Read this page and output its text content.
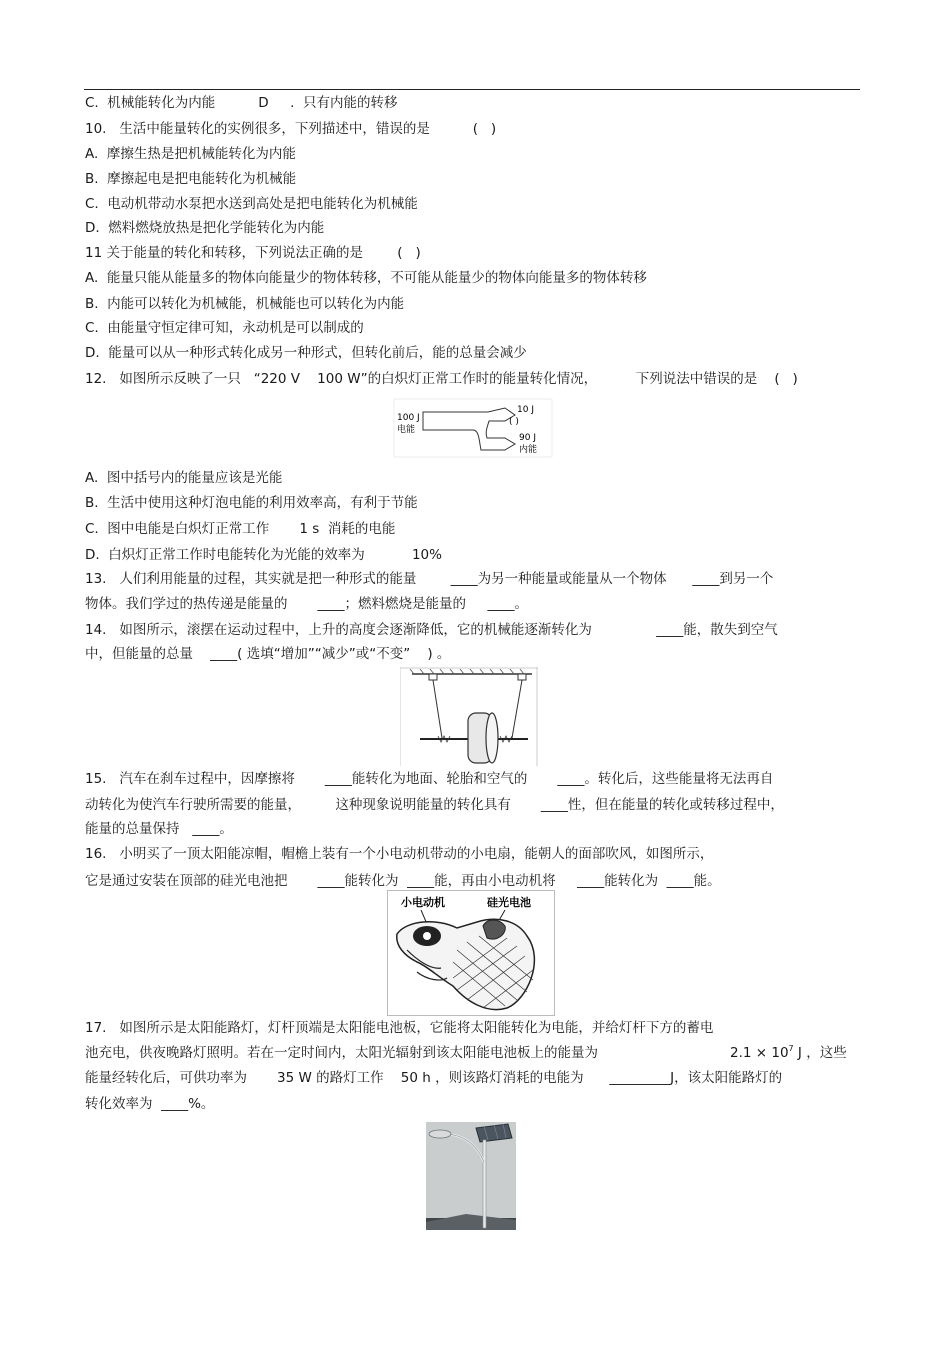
C.  机械能转化为内能          D     .  只有内能的转移
10.   生活中能量转化的实例很多，下列描述中，错误的是          (   )
A.  摩擦生热是把机械能转化为内能
B.  摩擦起电是把电能转化为机械能
C.  电动机带动水泵把水送到高处是把电能转化为机械能
D.  燃料燃烧放热是把化学能转化为内能
11 关于能量的转化和转移，下列说法正确的是        (   )
A.  能量只能从能量多的物体向能量少的物体转移，不可能从能量少的物体向能量多的物体转移
B.  内能可以转化为机械能，机械能也可以转化为内能
C.  由能量守恒定律可知，永动机是可以制成的
D.  能量可以从一种形式转化成另一种形式，但转化前后，能的总量会减少
12.   如图所示反映了一只   “220 V    100 W”的白炽灯正常工作时的能量转化情况，         下列说法中错误的是    (   )
100 J
电能
10 J
( )
90 J
内能
A.  图中括号内的能量应该是光能
B.  生活中使用这种灯泡电能的利用效率高，有利于节能
C.  图中电能是白炽灯正常工作       1 s  消耗的电能
D.  白炽灯正常工作时电能转化为光能的效率为           10%
13.   人们利用能量的过程，其实就是把一种形式的能量        ____为另一种能量或能量从一个物体      ____到另一个
物体。我们学过的热传递是能量的       ____；燃料燃烧是能量的     ____。
14.   如图所示，滚摆在运动过程中，上升的高度会逐渐降低，它的机械能逐渐转化为               ____能，散失到空气
中，但能量的总量    ____( 选填“增加”“减少”或“不变”    ) 。
15.   汽车在刹车过程中，因摩擦将       ____能转化为地面、轮胎和空气的       ____。转化后，这些能量将无法再自
动转化为使汽车行驶所需要的能量，        这种现象说明能量的转化具有       ____性，但在能量的转化或转移过程中，
能量的总量保持   ____。
16.   小明买了一顶太阳能凉帽，帽檐上装有一个小电动机带动的小电扇，能朝人的面部吹风，如图所示，
它是通过安装在顶部的硅光电池把       ____能转化为  ____能，再由小电动机将     ____能转化为  ____能。
小电动机	硅光电池
17.   如图所示是太阳能路灯，灯杆顶端是太阳能电池板，它能将太阳能转化为电能，并给灯杆下方的蓄电
池充电，供夜晚路灯照明。若在一定时间内，太阳光辐射到该太阳能电池板上的能量为	$2.1 \times 10^7$ J ，这些
能量经转化后，可供功率为       35 W 的路灯工作    50 h ，则该路灯消耗的电能为      _________J，该太阳能路灯的
转化效率为  ____%。
